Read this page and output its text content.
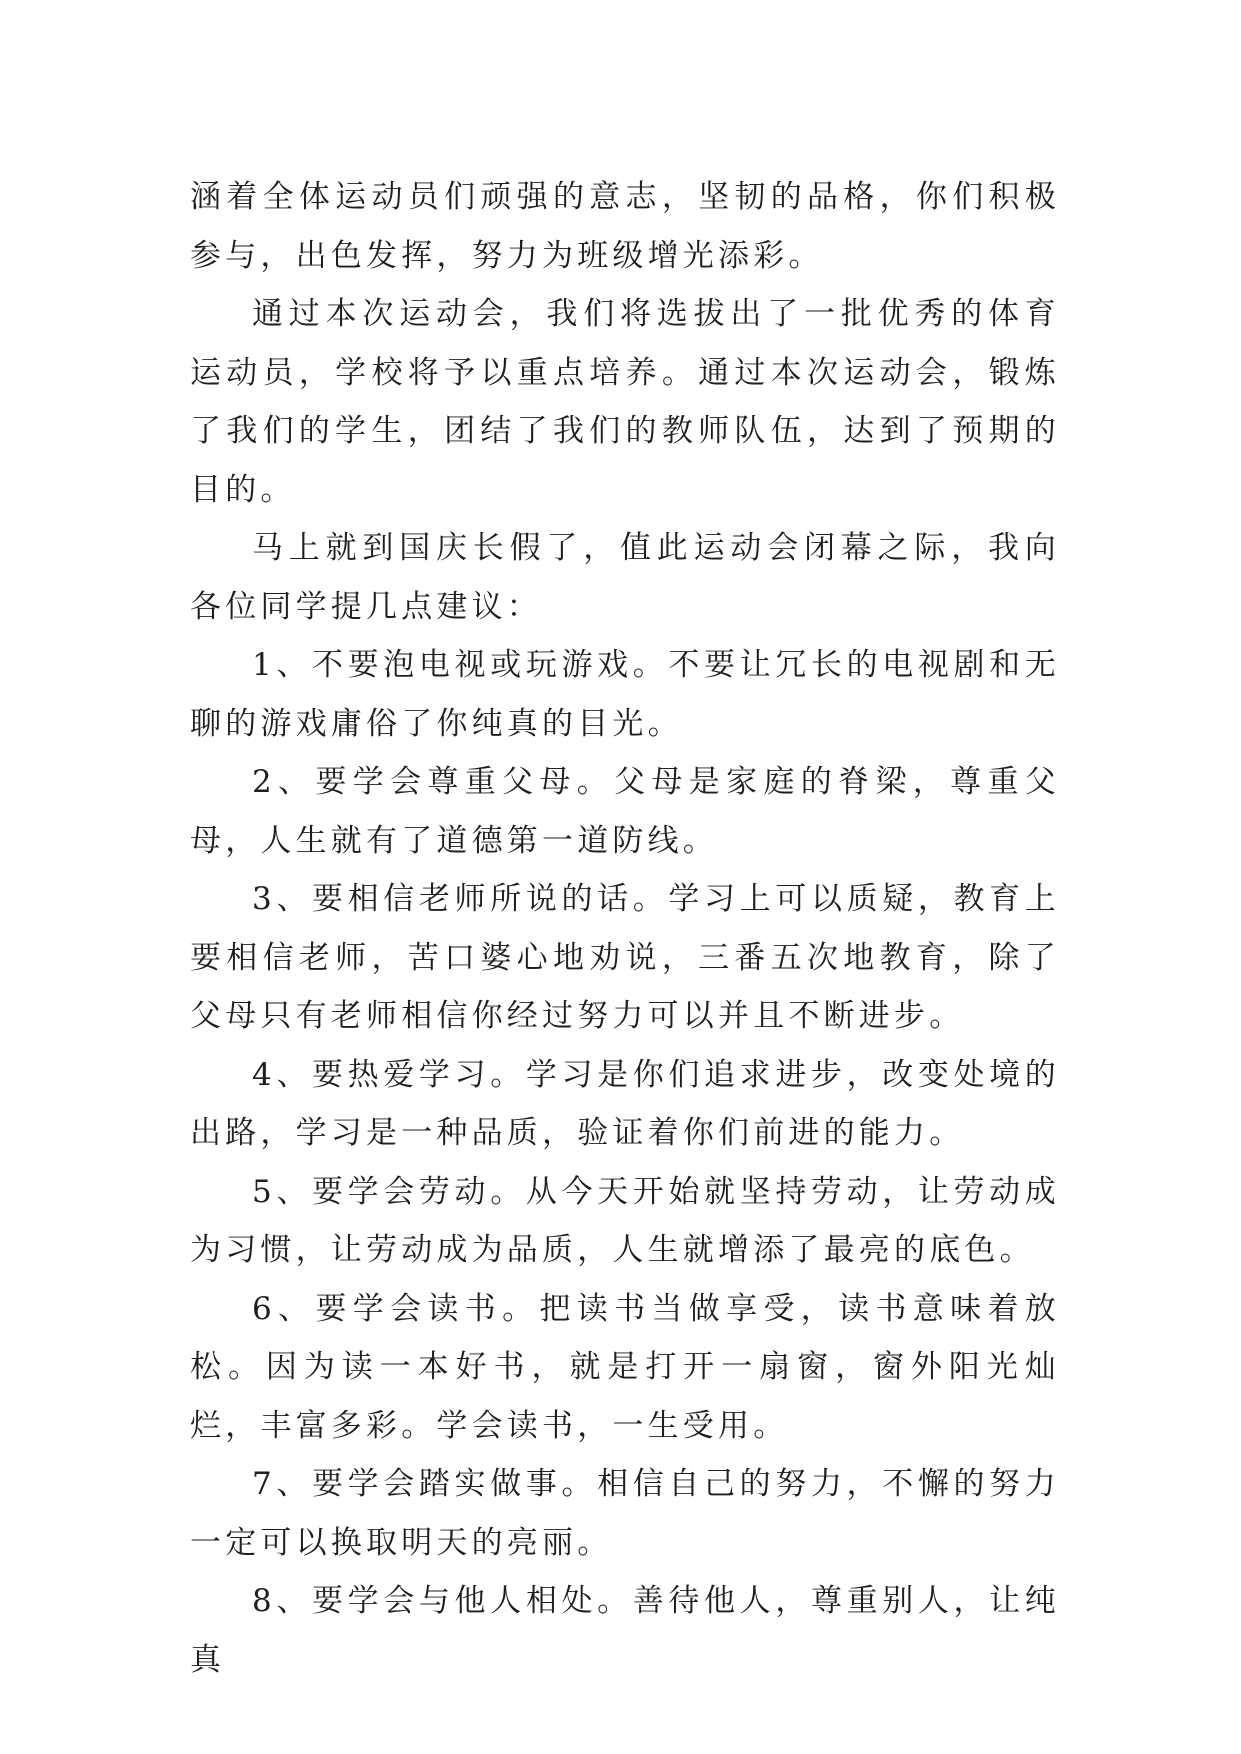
涵着全体运动员们顽强的意志，坚韧的品格，你们积极参与，出色发挥，努力为班级增光添彩。

通过本次运动会，我们将选拔出了一批优秀的体育运动员，学校将予以重点培养。通过本次运动会，锻炼了我们的学生，团结了我们的教师队伍，达到了预期的目的。

马上就到国庆长假了，值此运动会闭幕之际，我向各位同学提几点建议：

1、不要泡电视或玩游戏。不要让冗长的电视剧和无聊的游戏庸俗了你纯真的目光。

2、要学会尊重父母。父母是家庭的脊梁，尊重父母，人生就有了道德第一道防线。

3、要相信老师所说的话。学习上可以质疑，教育上要相信老师，苦口婆心地劝说，三番五次地教育，除了父母只有老师相信你经过努力可以并且不断进步。

4、要热爱学习。学习是你们追求进步，改变处境的出路，学习是一种品质，验证着你们前进的能力。

5、要学会劳动。从今天开始就坚持劳动，让劳动成为习惯，让劳动成为品质，人生就增添了最亮的底色。

6、要学会读书。把读书当做享受，读书意味着放松。因为读一本好书，就是打开一扇窗，窗外阳光灿烂，丰富多彩。学会读书，一生受用。

7、要学会踏实做事。相信自己的努力，不懈的努力一定可以换取明天的亮丽。

8、要学会与他人相处。善待他人，尊重别人，让纯真
